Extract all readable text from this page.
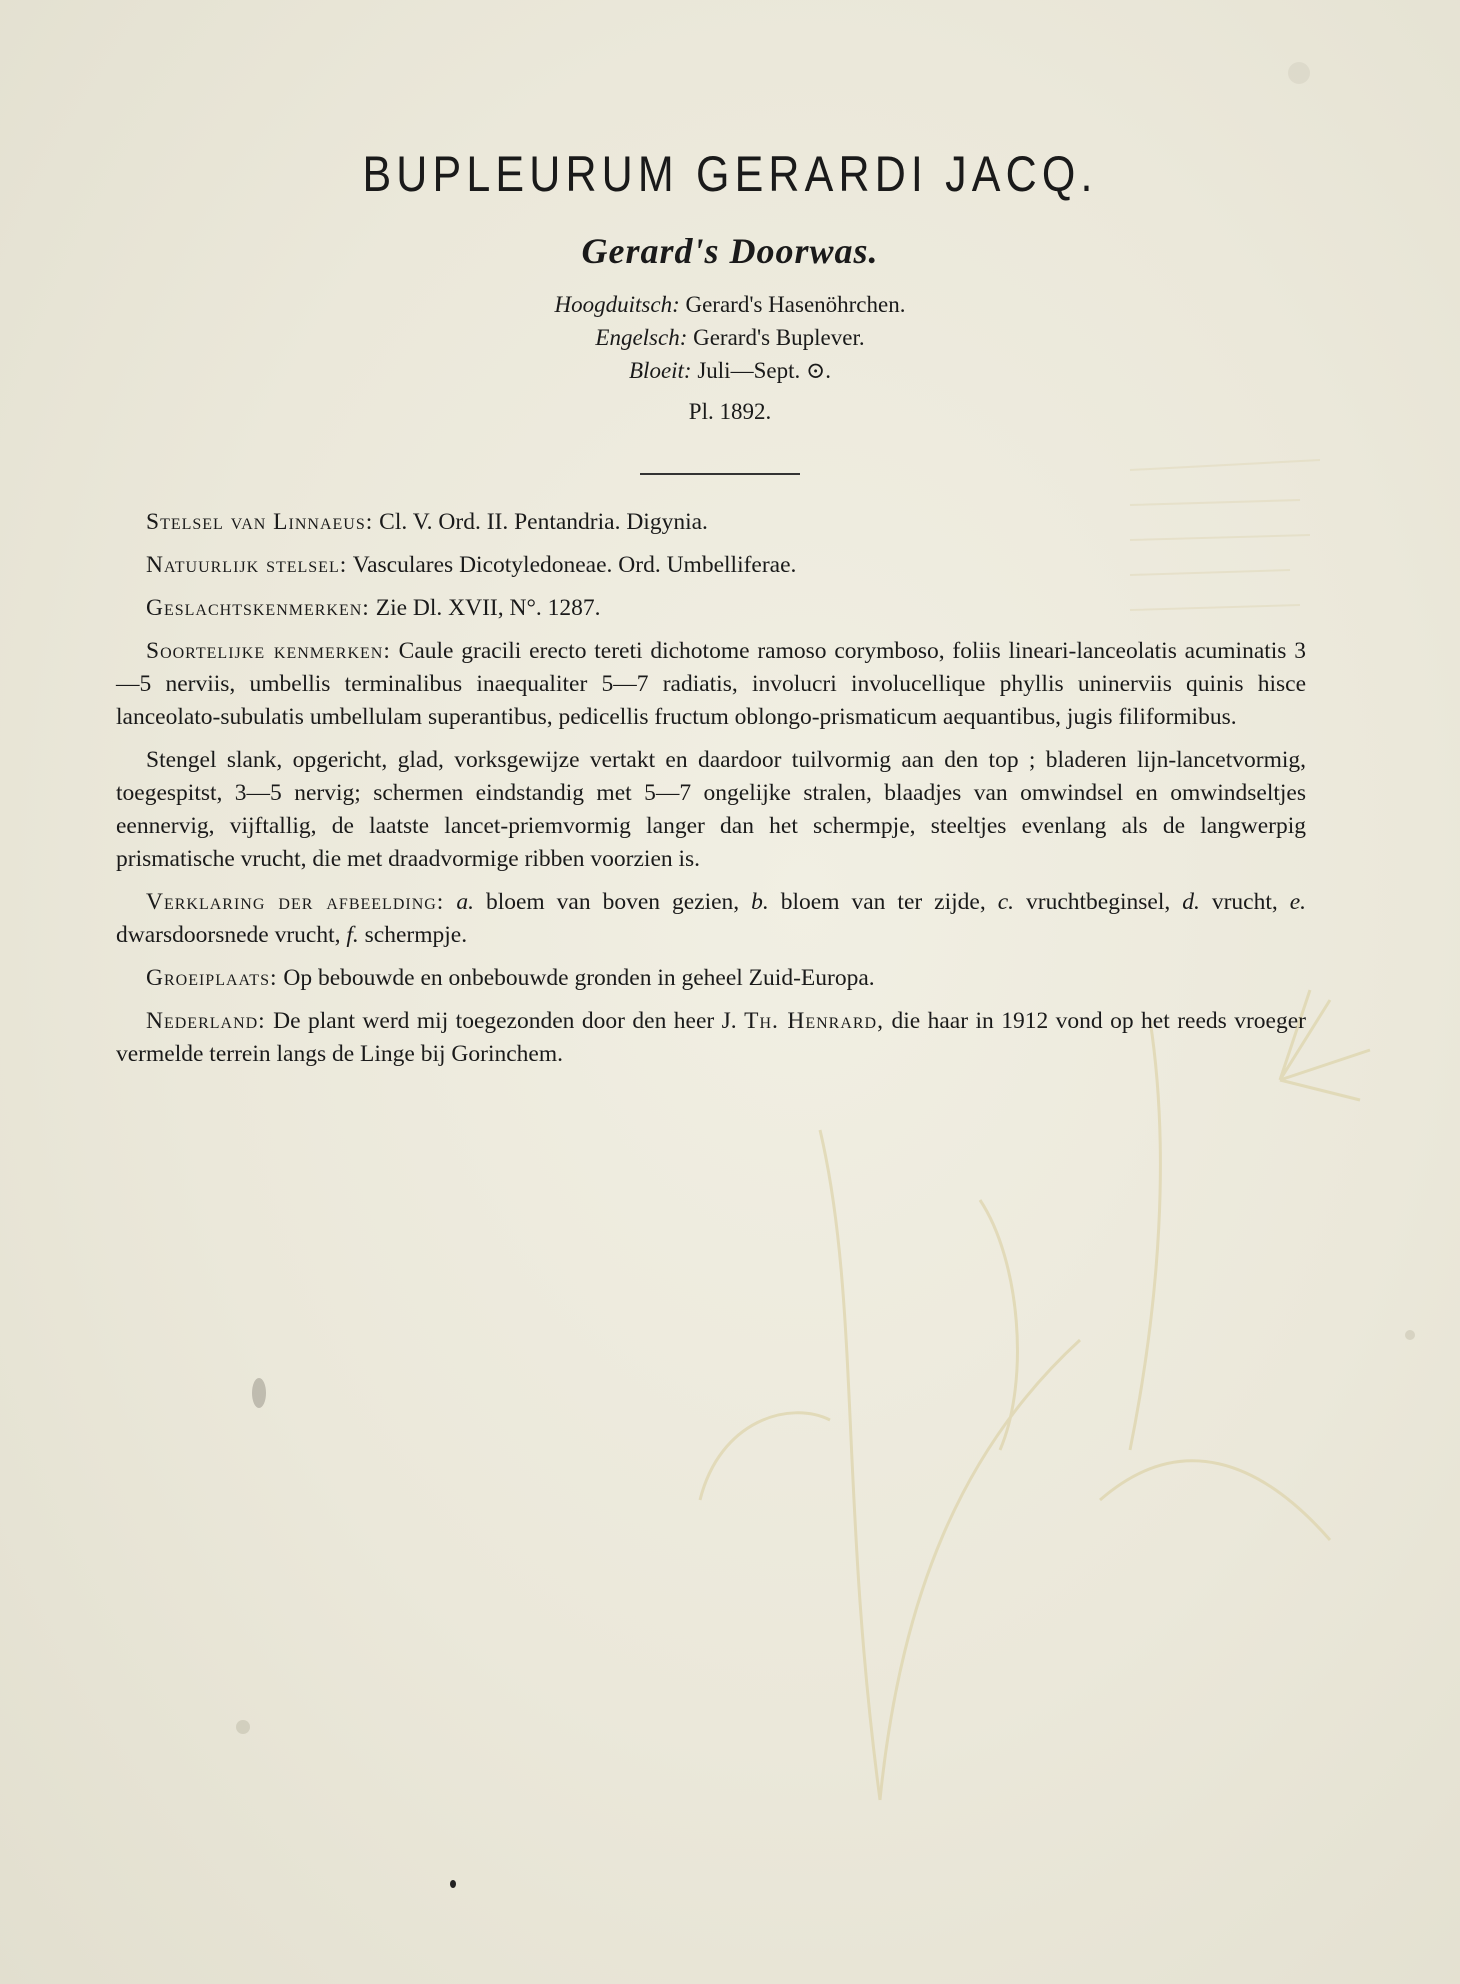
BUPLEURUM GERARDI JACQ.
Gerard's Doorwas.
Hoogduitsch: Gerard's Hasenöhrchen.
Engelsch: Gerard's Buplever.
Bloeit: Juli—Sept. ⊙.
Pl. 1892.

Stelsel van Linnaeus: Cl. V. Ord. II. Pentandria. Digynia.

Natuurlijk stelsel: Vasculares Dicotyledoneae. Ord. Umbelliferae.

Geslachtskenmerken: Zie Dl. XVII, N°. 1287.

Soortelijke kenmerken: Caule gracili erecto tereti dichotome ramoso corymboso, foliis lineari-lanceolatis acuminatis 3—5 nerviis, umbellis terminalibus inaequaliter 5—7 radiatis, involucri involucellique phyllis uninerviis quinis hisce lanceolato-subulatis umbellulam superantibus, pedicellis fructum oblongo-prismaticum aequantibus, jugis filiformibus.

Stengel slank, opgericht, glad, vorksgewijze vertakt en daardoor tuilvormig aan den top ; bladeren lijn-lancetvormig, toegespitst, 3—5 nervig; schermen eindstandig met 5—7 ongelijke stralen, blaadjes van omwindsel en omwindseltjes eennervig, vijftallig, de laatste lancet-priemvormig langer dan het schermpje, steeltjes evenlang als de langwerpig prismatische vrucht, die met draadvormige ribben voorzien is.

Verklaring der afbeelding: a. bloem van boven gezien, b. bloem van ter zijde, c. vruchtbeginsel, d. vrucht, e. dwarsdoorsnede vrucht, f. schermpje.

Groeiplaats: Op bebouwde en onbebouwde gronden in geheel Zuid-Europa.

Nederland: De plant werd mij toegezonden door den heer J. Th. Henrard, die haar in 1912 vond op het reeds vroeger vermelde terrein langs de Linge bij Gorinchem.
